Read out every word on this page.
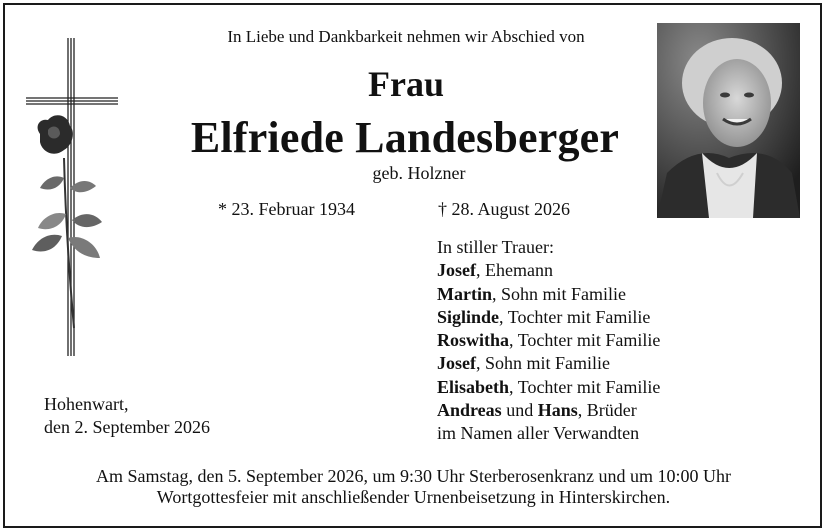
In Liebe und Dankbarkeit nehmen wir Abschied von
Frau
Elfriede Landesberger
geb. Holzner
* 23. Februar 1934	† 28. August 2026
In stiller Trauer:
Josef, Ehemann
Martin, Sohn mit Familie
Siglinde, Tochter mit Familie
Roswitha, Tochter mit Familie
Josef, Sohn mit Familie
Elisabeth, Tochter mit Familie
Andreas und Hans, Brüder
im Namen aller Verwandten
Hohenwart,
den 2. September 2026
Am Samstag, den 5. September 2026, um 9:30 Uhr Sterberosenkranz und um 10:00 Uhr
Wortgottesfeier mit anschließender Urnenbeisetzung in Hinterskirchen.
